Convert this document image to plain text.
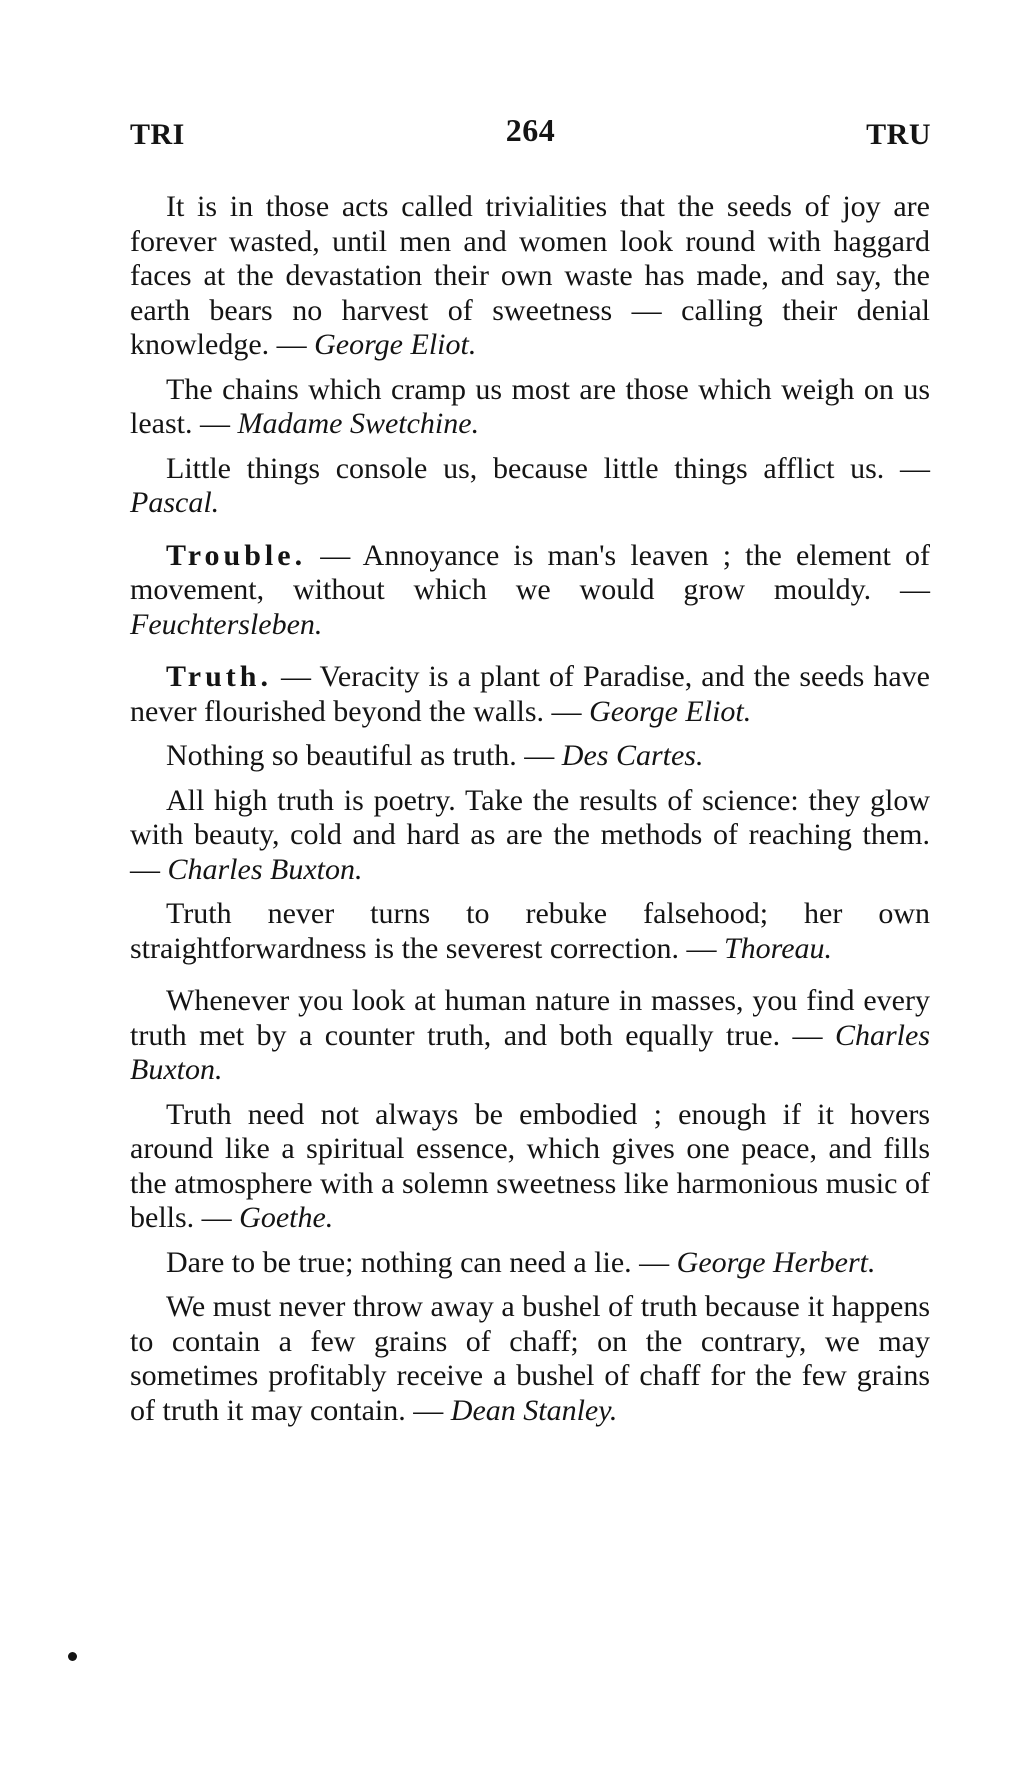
TRI	264	TRU

It is in those acts called trivialities that the seeds of joy are forever wasted, until men and women look round with haggard faces at the devastation their own waste has made, and say, the earth bears no harvest of sweetness — calling their denial knowledge. — George Eliot.

The chains which cramp us most are those which weigh on us least. — Madame Swetchine.

Little things console us, because little things afflict us. — Pascal.

Trouble. — Annoyance is man's leaven ; the element of movement, without which we would grow mouldy. — Feuchtersleben.

Truth. — Veracity is a plant of Paradise, and the seeds have never flourished beyond the walls. — George Eliot.

Nothing so beautiful as truth. — Des Cartes.

All high truth is poetry. Take the results of science: they glow with beauty, cold and hard as are the methods of reaching them. — Charles Buxton.

Truth never turns to rebuke falsehood; her own straightforwardness is the severest correction. — Thoreau.

Whenever you look at human nature in masses, you find every truth met by a counter truth, and both equally true. — Charles Buxton.

Truth need not always be embodied ; enough if it hovers around like a spiritual essence, which gives one peace, and fills the atmosphere with a solemn sweetness like harmonious music of bells. — Goethe.

Dare to be true; nothing can need a lie. — George Herbert.

We must never throw away a bushel of truth because it happens to contain a few grains of chaff; on the contrary, we may sometimes profitably receive a bushel of chaff for the few grains of truth it may contain. — Dean Stanley.
